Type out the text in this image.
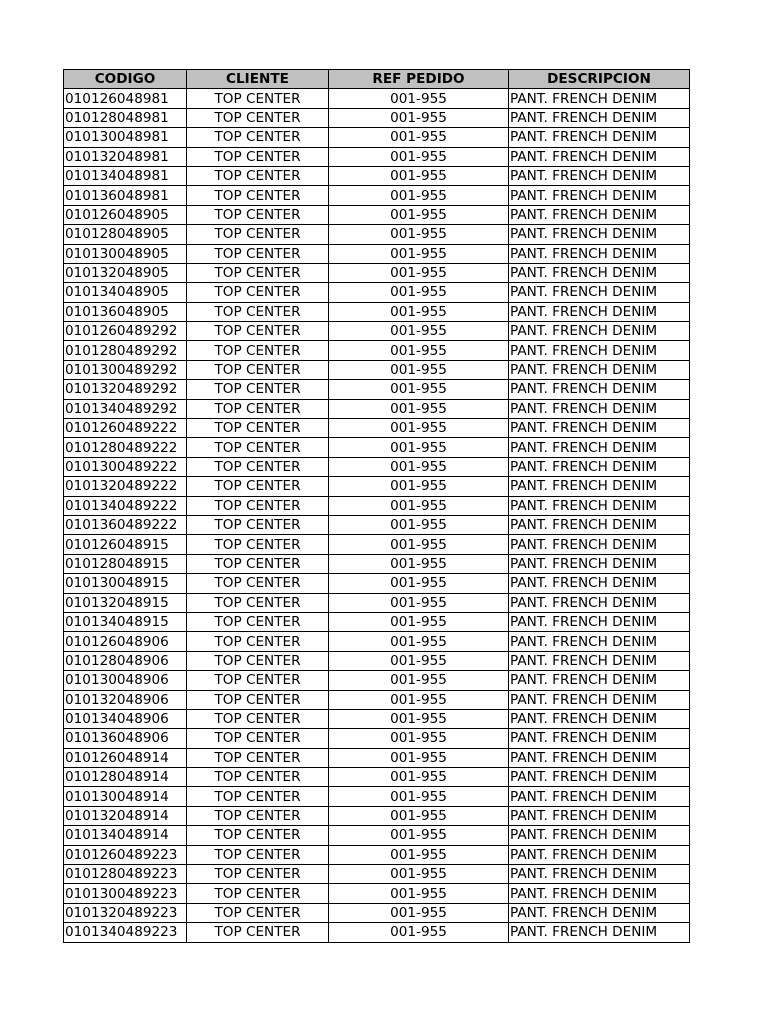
CODIGO	CLIENTE	REF PEDIDO	DESCRIPCION
010126048981	TOP CENTER	001-955	PANT. FRENCH DENIM
010128048981	TOP CENTER	001-955	PANT. FRENCH DENIM
010130048981	TOP CENTER	001-955	PANT. FRENCH DENIM
010132048981	TOP CENTER	001-955	PANT. FRENCH DENIM
010134048981	TOP CENTER	001-955	PANT. FRENCH DENIM
010136048981	TOP CENTER	001-955	PANT. FRENCH DENIM
010126048905	TOP CENTER	001-955	PANT. FRENCH DENIM
010128048905	TOP CENTER	001-955	PANT. FRENCH DENIM
010130048905	TOP CENTER	001-955	PANT. FRENCH DENIM
010132048905	TOP CENTER	001-955	PANT. FRENCH DENIM
010134048905	TOP CENTER	001-955	PANT. FRENCH DENIM
010136048905	TOP CENTER	001-955	PANT. FRENCH DENIM
0101260489292	TOP CENTER	001-955	PANT. FRENCH DENIM
0101280489292	TOP CENTER	001-955	PANT. FRENCH DENIM
0101300489292	TOP CENTER	001-955	PANT. FRENCH DENIM
0101320489292	TOP CENTER	001-955	PANT. FRENCH DENIM
0101340489292	TOP CENTER	001-955	PANT. FRENCH DENIM
0101260489222	TOP CENTER	001-955	PANT. FRENCH DENIM
0101280489222	TOP CENTER	001-955	PANT. FRENCH DENIM
0101300489222	TOP CENTER	001-955	PANT. FRENCH DENIM
0101320489222	TOP CENTER	001-955	PANT. FRENCH DENIM
0101340489222	TOP CENTER	001-955	PANT. FRENCH DENIM
0101360489222	TOP CENTER	001-955	PANT. FRENCH DENIM
010126048915	TOP CENTER	001-955	PANT. FRENCH DENIM
010128048915	TOP CENTER	001-955	PANT. FRENCH DENIM
010130048915	TOP CENTER	001-955	PANT. FRENCH DENIM
010132048915	TOP CENTER	001-955	PANT. FRENCH DENIM
010134048915	TOP CENTER	001-955	PANT. FRENCH DENIM
010126048906	TOP CENTER	001-955	PANT. FRENCH DENIM
010128048906	TOP CENTER	001-955	PANT. FRENCH DENIM
010130048906	TOP CENTER	001-955	PANT. FRENCH DENIM
010132048906	TOP CENTER	001-955	PANT. FRENCH DENIM
010134048906	TOP CENTER	001-955	PANT. FRENCH DENIM
010136048906	TOP CENTER	001-955	PANT. FRENCH DENIM
010126048914	TOP CENTER	001-955	PANT. FRENCH DENIM
010128048914	TOP CENTER	001-955	PANT. FRENCH DENIM
010130048914	TOP CENTER	001-955	PANT. FRENCH DENIM
010132048914	TOP CENTER	001-955	PANT. FRENCH DENIM
010134048914	TOP CENTER	001-955	PANT. FRENCH DENIM
0101260489223	TOP CENTER	001-955	PANT. FRENCH DENIM
0101280489223	TOP CENTER	001-955	PANT. FRENCH DENIM
0101300489223	TOP CENTER	001-955	PANT. FRENCH DENIM
0101320489223	TOP CENTER	001-955	PANT. FRENCH DENIM
0101340489223	TOP CENTER	001-955	PANT. FRENCH DENIM
